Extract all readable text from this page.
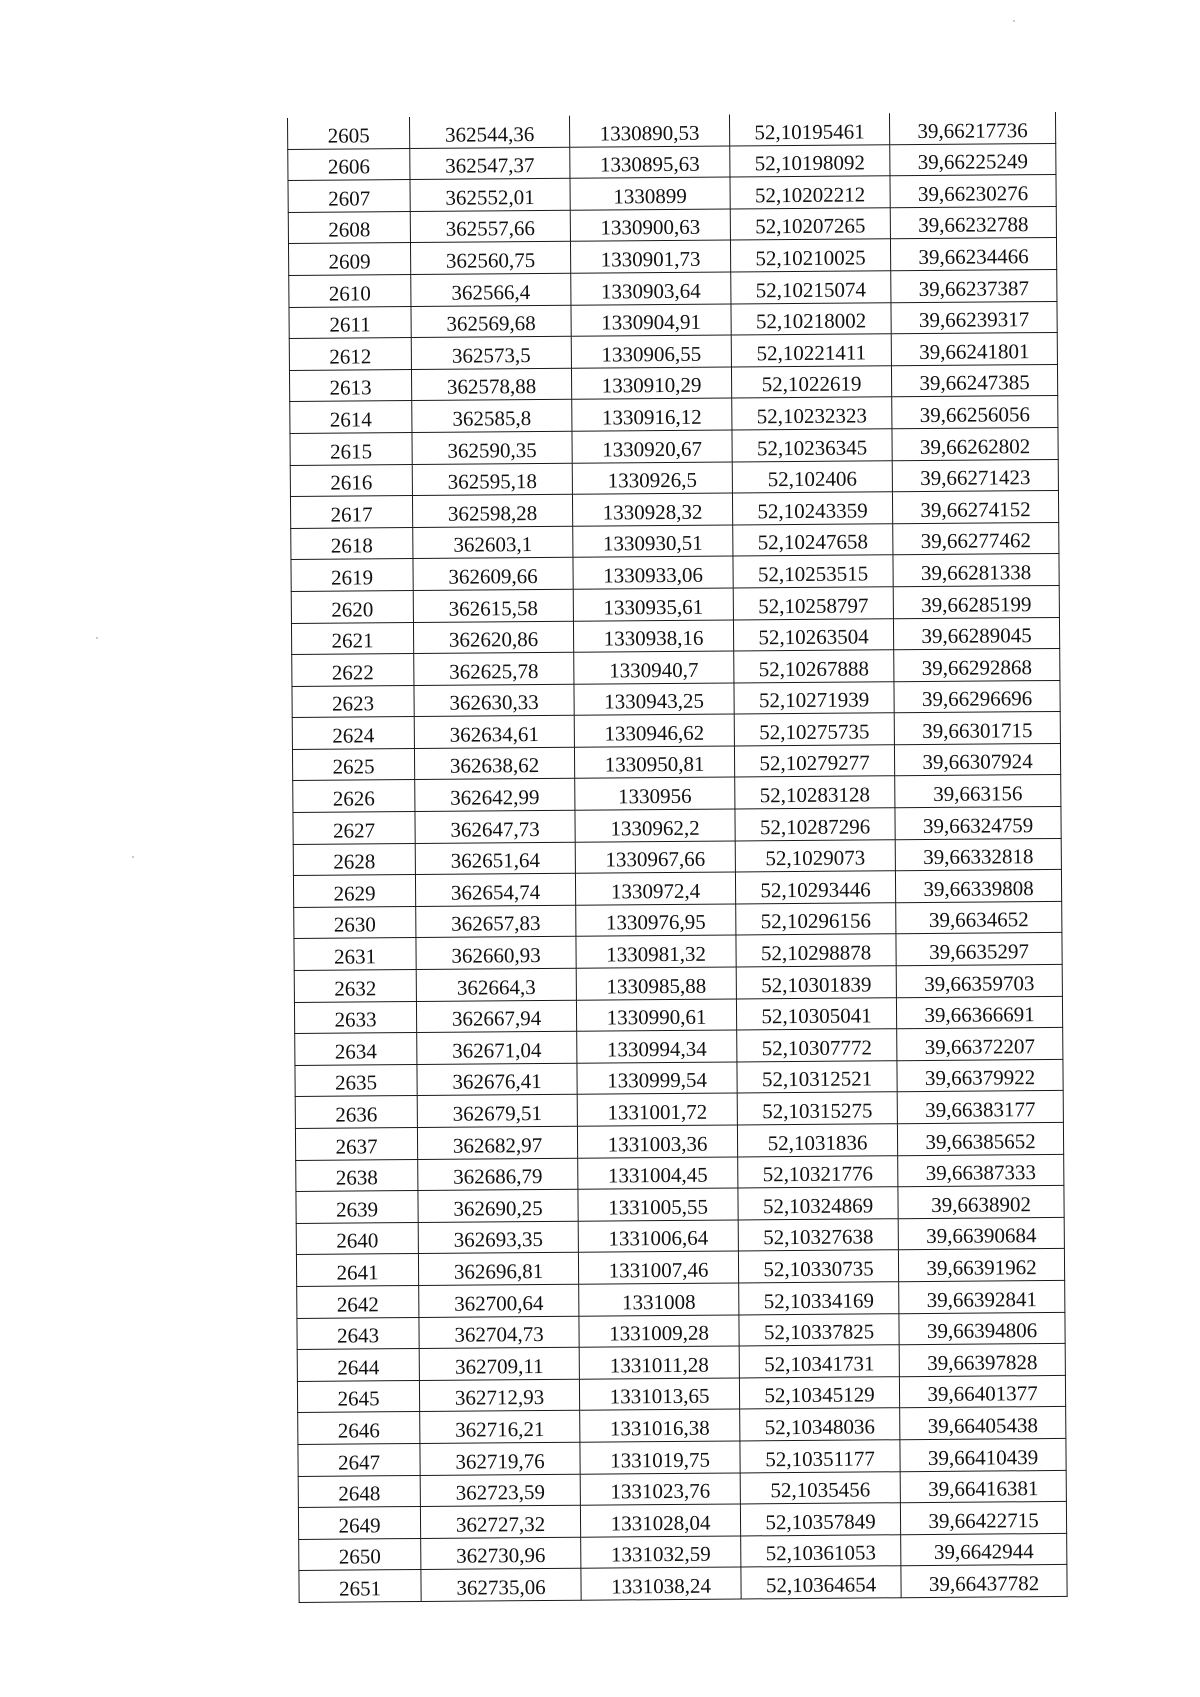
2605	362544,36	1330890,53	52,10195461	39,66217736
2606	362547,37	1330895,63	52,10198092	39,66225249
2607	362552,01	1330899	52,10202212	39,66230276
2608	362557,66	1330900,63	52,10207265	39,66232788
2609	362560,75	1330901,73	52,10210025	39,66234466
2610	362566,4	1330903,64	52,10215074	39,66237387
2611	362569,68	1330904,91	52,10218002	39,66239317
2612	362573,5	1330906,55	52,10221411	39,66241801
2613	362578,88	1330910,29	52,1022619	39,66247385
2614	362585,8	1330916,12	52,10232323	39,66256056
2615	362590,35	1330920,67	52,10236345	39,66262802
2616	362595,18	1330926,5	52,102406	39,66271423
2617	362598,28	1330928,32	52,10243359	39,66274152
2618	362603,1	1330930,51	52,10247658	39,66277462
2619	362609,66	1330933,06	52,10253515	39,66281338
2620	362615,58	1330935,61	52,10258797	39,66285199
2621	362620,86	1330938,16	52,10263504	39,66289045
2622	362625,78	1330940,7	52,10267888	39,66292868
2623	362630,33	1330943,25	52,10271939	39,66296696
2624	362634,61	1330946,62	52,10275735	39,66301715
2625	362638,62	1330950,81	52,10279277	39,66307924
2626	362642,99	1330956	52,10283128	39,663156
2627	362647,73	1330962,2	52,10287296	39,66324759
2628	362651,64	1330967,66	52,1029073	39,66332818
2629	362654,74	1330972,4	52,10293446	39,66339808
2630	362657,83	1330976,95	52,10296156	39,6634652
2631	362660,93	1330981,32	52,10298878	39,6635297
2632	362664,3	1330985,88	52,10301839	39,66359703
2633	362667,94	1330990,61	52,10305041	39,66366691
2634	362671,04	1330994,34	52,10307772	39,66372207
2635	362676,41	1330999,54	52,10312521	39,66379922
2636	362679,51	1331001,72	52,10315275	39,66383177
2637	362682,97	1331003,36	52,1031836	39,66385652
2638	362686,79	1331004,45	52,10321776	39,66387333
2639	362690,25	1331005,55	52,10324869	39,6638902
2640	362693,35	1331006,64	52,10327638	39,66390684
2641	362696,81	1331007,46	52,10330735	39,66391962
2642	362700,64	1331008	52,10334169	39,66392841
2643	362704,73	1331009,28	52,10337825	39,66394806
2644	362709,11	1331011,28	52,10341731	39,66397828
2645	362712,93	1331013,65	52,10345129	39,66401377
2646	362716,21	1331016,38	52,10348036	39,66405438
2647	362719,76	1331019,75	52,10351177	39,66410439
2648	362723,59	1331023,76	52,1035456	39,66416381
2649	362727,32	1331028,04	52,10357849	39,66422715
2650	362730,96	1331032,59	52,10361053	39,6642944
2651	362735,06	1331038,24	52,10364654	39,66437782
